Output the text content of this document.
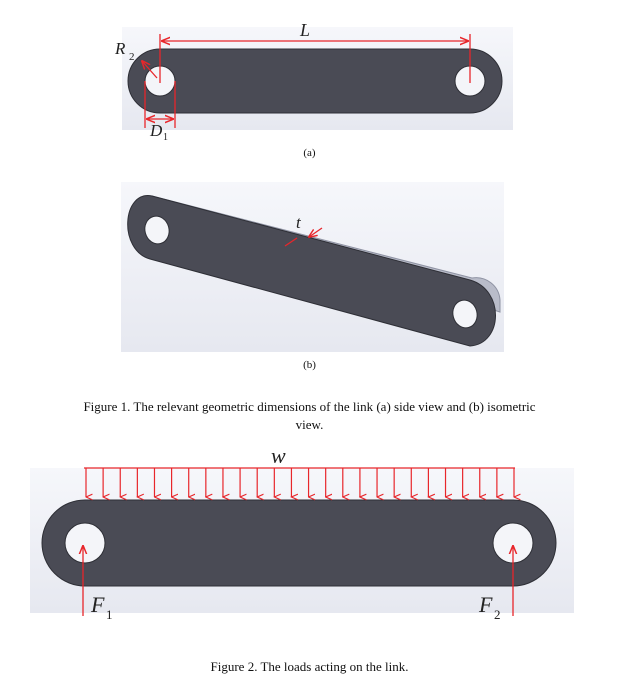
L
R 2
D 1
t
w
F 1	F 2
(a)
(b)
Figure 1. The relevant geometric dimensions of the link (a) side view and (b) isometric
view.
Figure 2. The loads acting on the link.
